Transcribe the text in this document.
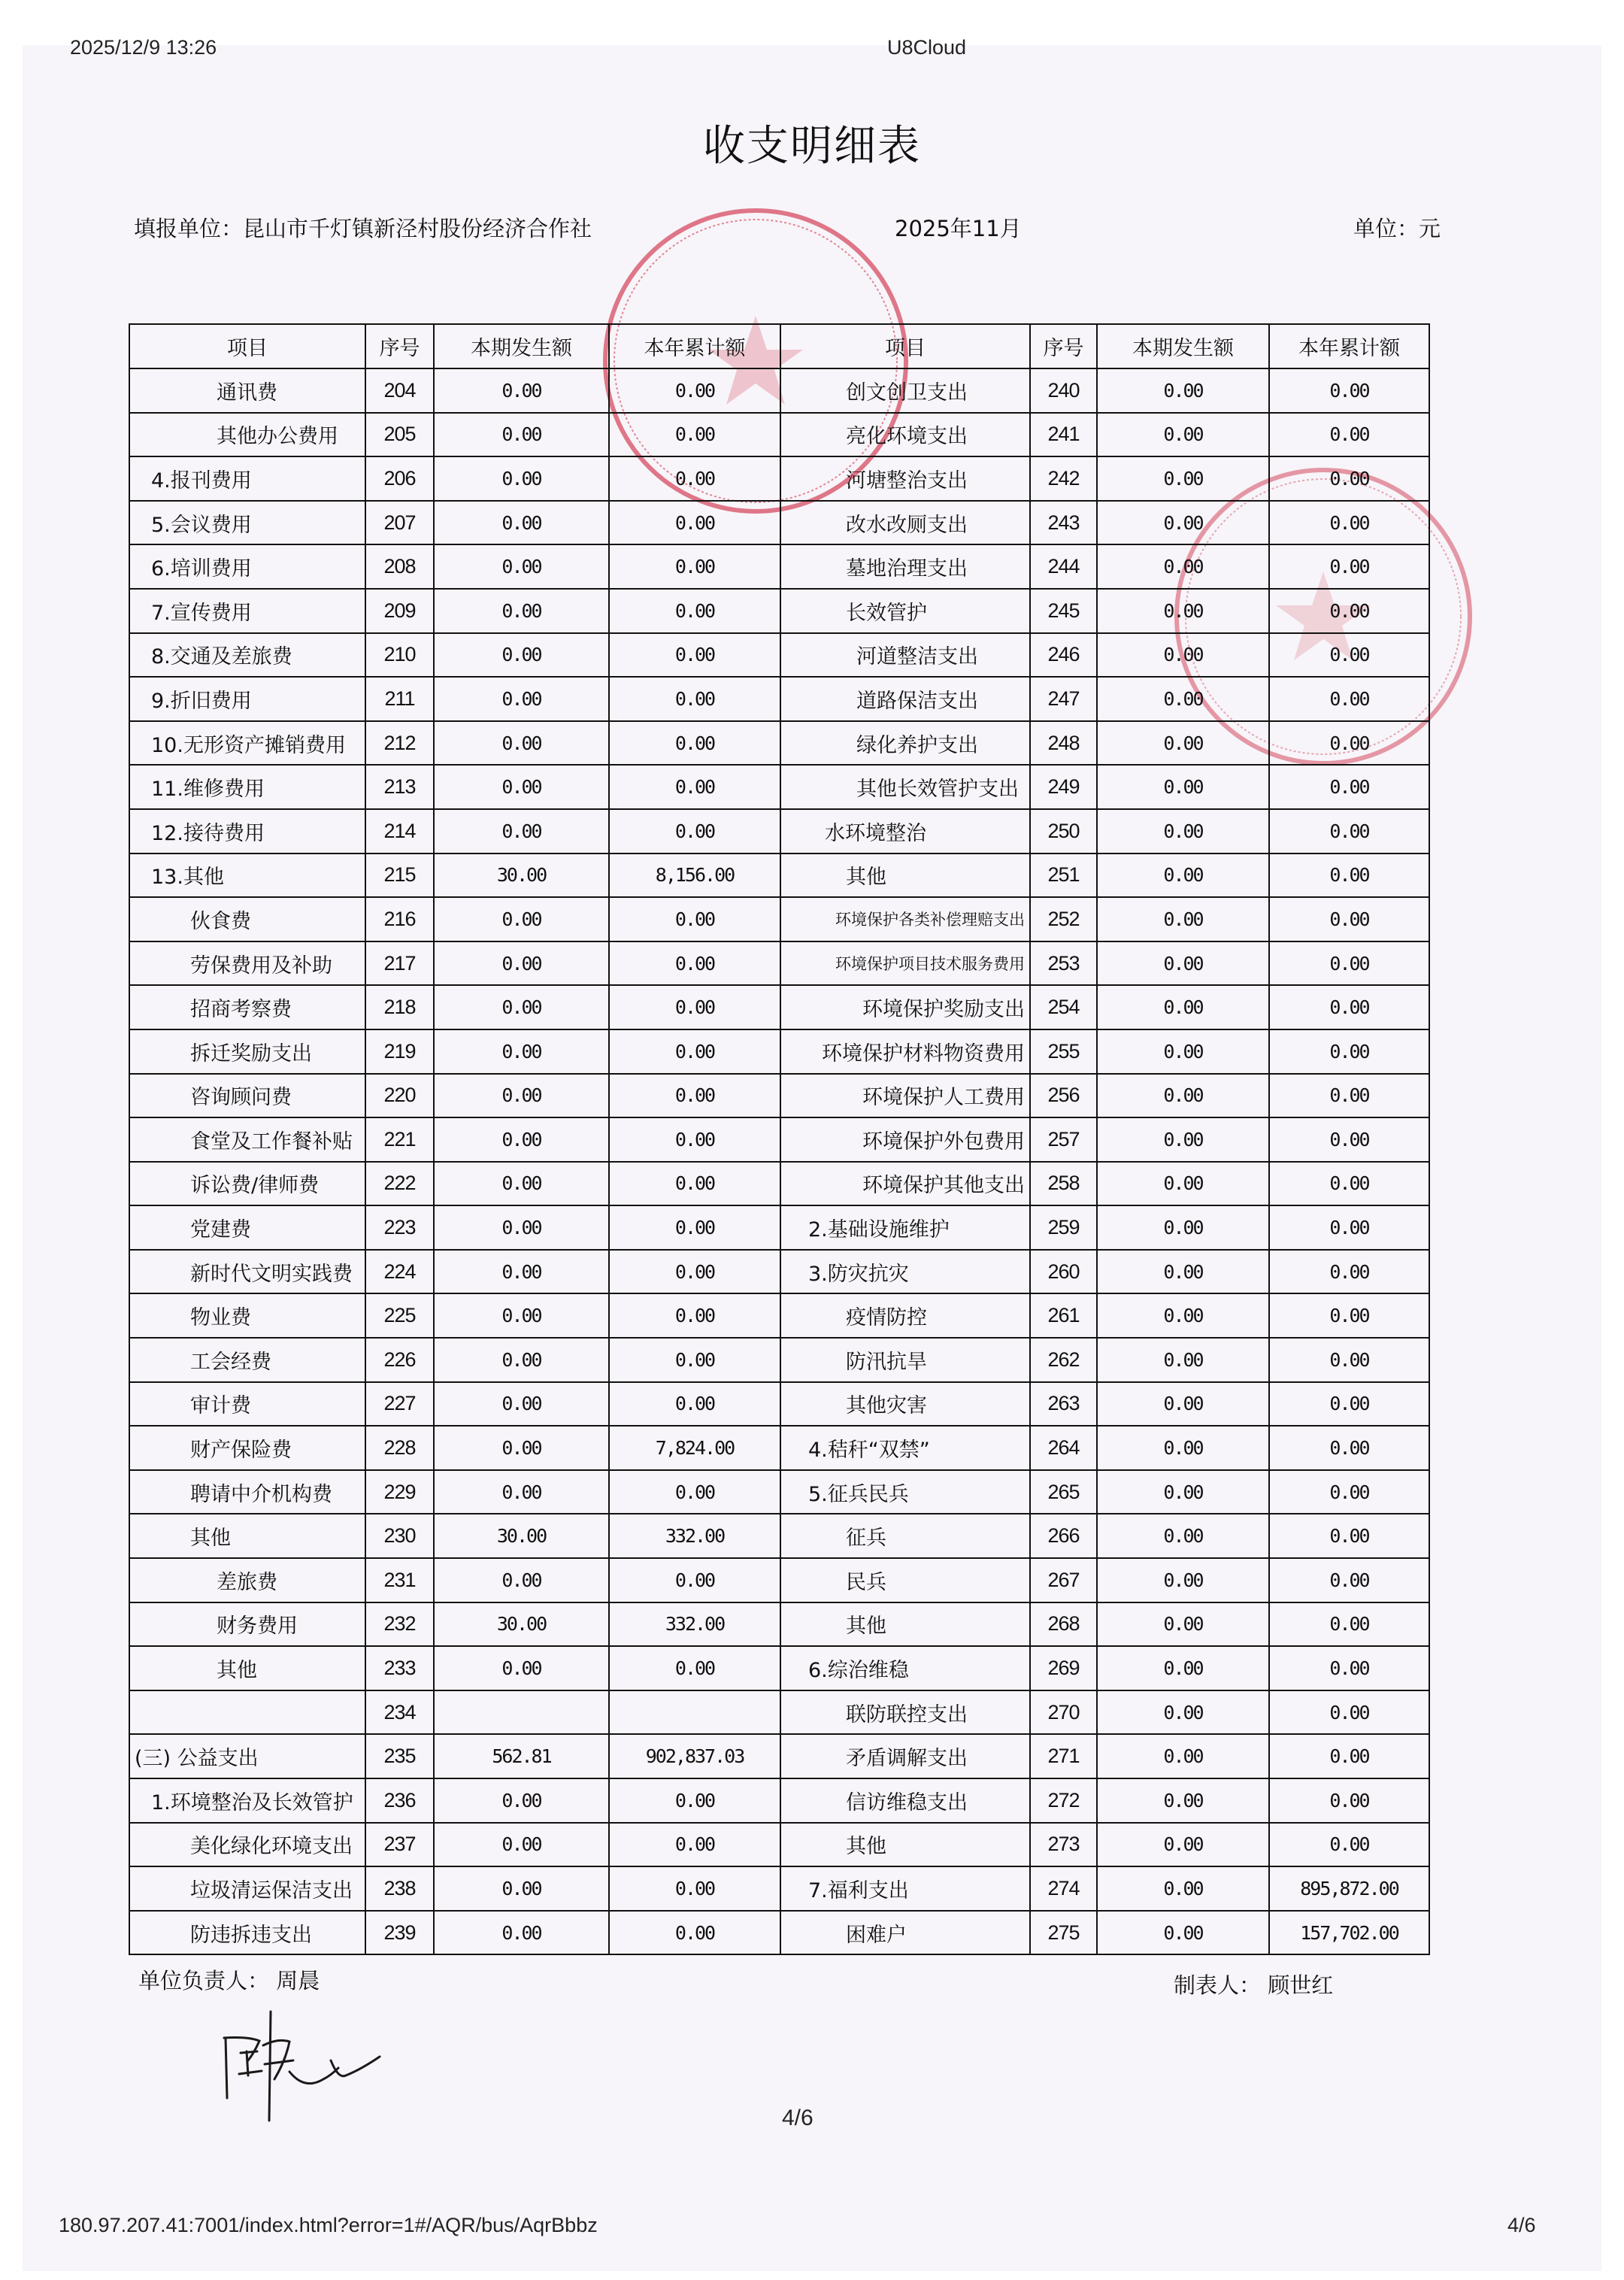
2025/12/9 13:26	U8Cloud
收支明细表
填报单位：昆山市千灯镇新泾村股份经济合作社	2025年11月	单位：元
项目	序号	本期发生额	本年累计额	项目	序号	本期发生额	本年累计额
通讯费	204	0.00	0.00	创文创卫支出	240	0.00	0.00
其他办公费用	205	0.00	0.00	亮化环境支出	241	0.00	0.00
4.报刊费用	206	0.00	0.00	河塘整治支出	242	0.00	0.00
5.会议费用	207	0.00	0.00	改水改厕支出	243	0.00	0.00
6.培训费用	208	0.00	0.00	墓地治理支出	244	0.00	0.00
7.宣传费用	209	0.00	0.00	长效管护	245	0.00	0.00
8.交通及差旅费	210	0.00	0.00	河道整洁支出	246	0.00	0.00
9.折旧费用	211	0.00	0.00	道路保洁支出	247	0.00	0.00
10.无形资产摊销费用	212	0.00	0.00	绿化养护支出	248	0.00	0.00
11.维修费用	213	0.00	0.00	其他长效管护支出	249	0.00	0.00
12.接待费用	214	0.00	0.00	水环境整治	250	0.00	0.00
13.其他	215	30.00	8,156.00	其他	251	0.00	0.00
伙食费	216	0.00	0.00	环境保护各类补偿理赔支出	252	0.00	0.00
劳保费用及补助	217	0.00	0.00	环境保护项目技术服务费用	253	0.00	0.00
招商考察费	218	0.00	0.00	环境保护奖励支出	254	0.00	0.00
拆迁奖励支出	219	0.00	0.00	环境保护材料物资费用	255	0.00	0.00
咨询顾问费	220	0.00	0.00	环境保护人工费用	256	0.00	0.00
食堂及工作餐补贴	221	0.00	0.00	环境保护外包费用	257	0.00	0.00
诉讼费/律师费	222	0.00	0.00	环境保护其他支出	258	0.00	0.00
党建费	223	0.00	0.00	2.基础设施维护	259	0.00	0.00
新时代文明实践费	224	0.00	0.00	3.防灾抗灾	260	0.00	0.00
物业费	225	0.00	0.00	疫情防控	261	0.00	0.00
工会经费	226	0.00	0.00	防汛抗旱	262	0.00	0.00
审计费	227	0.00	0.00	其他灾害	263	0.00	0.00
财产保险费	228	0.00	7,824.00	4.秸秆“双禁”	264	0.00	0.00
聘请中介机构费	229	0.00	0.00	5.征兵民兵	265	0.00	0.00
其他	230	30.00	332.00	征兵	266	0.00	0.00
差旅费	231	0.00	0.00	民兵	267	0.00	0.00
财务费用	232	30.00	332.00	其他	268	0.00	0.00
其他	233	0.00	0.00	6.综治维稳	269	0.00	0.00
	234			联防联控支出	270	0.00	0.00
(三) 公益支出	235	562.81	902,837.03	矛盾调解支出	271	0.00	0.00
1.环境整治及长效管护	236	0.00	0.00	信访维稳支出	272	0.00	0.00
美化绿化环境支出	237	0.00	0.00	其他	273	0.00	0.00
垃圾清运保洁支出	238	0.00	0.00	7.福利支出	274	0.00	895,872.00
防违拆违支出	239	0.00	0.00	困难户	275	0.00	157,702.00
单位负责人： 周晨	制表人： 顾世红
4/6
180.97.207.41:7001/index.html?error=1#/AQR/bus/AqrBbbz	4/6
